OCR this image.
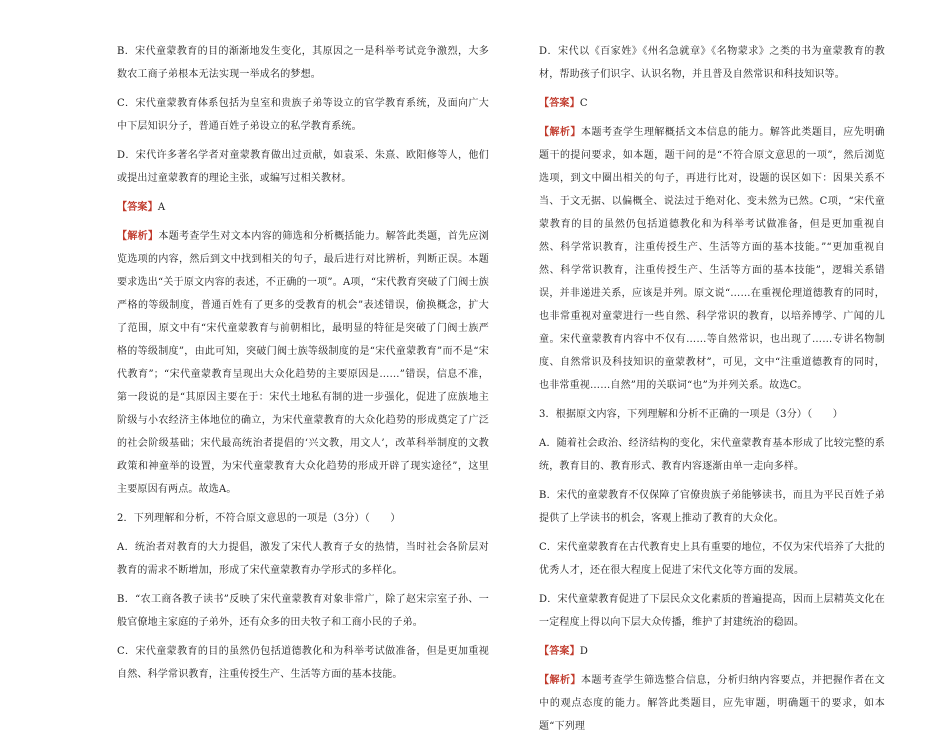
B．宋代童蒙教育的目的渐渐地发生变化，其原因之一是科举考试竞争激烈，大多数农工商子弟根本无法实现一举成名的梦想。

C．宋代童蒙教育体系包括为皇室和贵族子弟等设立的官学教育系统，及面向广大中下层知识分子，普通百姓子弟设立的私学教育系统。

D．宋代许多著名学者对童蒙教育做出过贡献，如袁采、朱熹、欧阳修等人，他们或提出过童蒙教育的理论主张，或编写过相关教材。

【答案】A

【解析】本题考查学生对文本内容的筛选和分析概括能力。解答此类题，首先应浏览选项的内容，然后到文中找到相关的句子，最后进行对比辨析，判断正误。本题要求选出“关于原文内容的表述，不正确的一项”。A项，“宋代教育突破了门阀士族严格的等级制度，普通百姓有了更多的受教育的机会”表述错误，偷换概念，扩大了范围，原文中有“宋代童蒙教育与前朝相比，最明显的特征是突破了门阀士族严格的等级制度”，由此可知，突破门阀士族等级制度的是“宋代童蒙教育”而不是“宋代教育”；“宋代童蒙教育呈现出大众化趋势的主要原因是……”错误，信息不准，第一段说的是“其原因主要在于：宋代土地私有制的进一步强化，促进了庶族地主阶级与小农经济主体地位的确立，为宋代童蒙教育的大众化趋势的形成奠定了广泛的社会阶级基础；宋代最高统治者提倡的‘兴文教，用文人’，改革科举制度的文教政策和神童举的设置，为宋代童蒙教育大众化趋势的形成开辟了现实途径”，这里主要原因有两点。故选A。

2．下列理解和分析，不符合原文意思的一项是（3分）（　　）

A．统治者对教育的大力提倡，激发了宋代人教育子女的热情，当时社会各阶层对教育的需求不断增加，形成了宋代童蒙教育办学形式的多样化。

B．“农工商各教子读书”反映了宋代童蒙教育对象非常广，除了赵宋宗室子孙、一般官僚地主家庭的子弟外，还有众多的田夫牧子和工商小民的子弟。

C．宋代童蒙教育的目的虽然仍包括道德教化和为科举考试做准备，但是更加重视自然、科学常识教育，注重传授生产、生活等方面的基本技能。

D．宋代以《百家姓》《州名急就章》《名物蒙求》之类的书为童蒙教育的教材，帮助孩子们识字、认识名物，并且普及自然常识和科技知识等。

【答案】C

【解析】本题考查学生理解概括文本信息的能力。解答此类题目，应先明确题干的提问要求，如本题，题干问的是“不符合原文意思的一项”，然后浏览选项，到文中圈出相关的句子，再进行比对，设题的误区如下：因果关系不当、于文无据、以偏概全、说法过于绝对化、变未然为已然。C项，“宋代童蒙教育的目的虽然仍包括道德教化和为科举考试做准备，但是更加重视自然、科学常识教育，注重传授生产、生活等方面的基本技能。”“更加重视自然、科学常识教育，注重传授生产、生活等方面的基本技能”，逻辑关系错误，并非递进关系，应该是并列。原文说“……在重视伦理道德教育的同时，也非常重视对童蒙进行一些自然、科学常识的教育，以培养博学、广闻的儿童。宋代童蒙教育内容中不仅有……等自然常识，也出现了……专讲名物制度、自然常识及科技知识的童蒙教材”，可见，文中“注重道德教育的同时，也非常重视……自然”用的关联词“也”为并列关系。故选C。

3．根据原文内容，下列理解和分析不正确的一项是（3分）（　　）

A．随着社会政治、经济结构的变化，宋代童蒙教育基本形成了比较完整的系统，教育目的、教育形式、教育内容逐渐由单一走向多样。

B．宋代的童蒙教育不仅保障了官僚贵族子弟能够读书，而且为平民百姓子弟提供了上学读书的机会，客观上推动了教育的大众化。

C．宋代童蒙教育在古代教育史上具有重要的地位，不仅为宋代培养了大批的优秀人才，还在很大程度上促进了宋代文化等方面的发展。

D．宋代童蒙教育促进了下层民众文化素质的普遍提高，因而上层精英文化在一定程度上得以向下层大众传播，维护了封建统治的稳固。

【答案】D

【解析】本题考查学生筛选整合信息，分析归纳内容要点，并把握作者在文中的观点态度的能力。解答此类题目，应先审题，明确题干的要求，如本题“下列理
